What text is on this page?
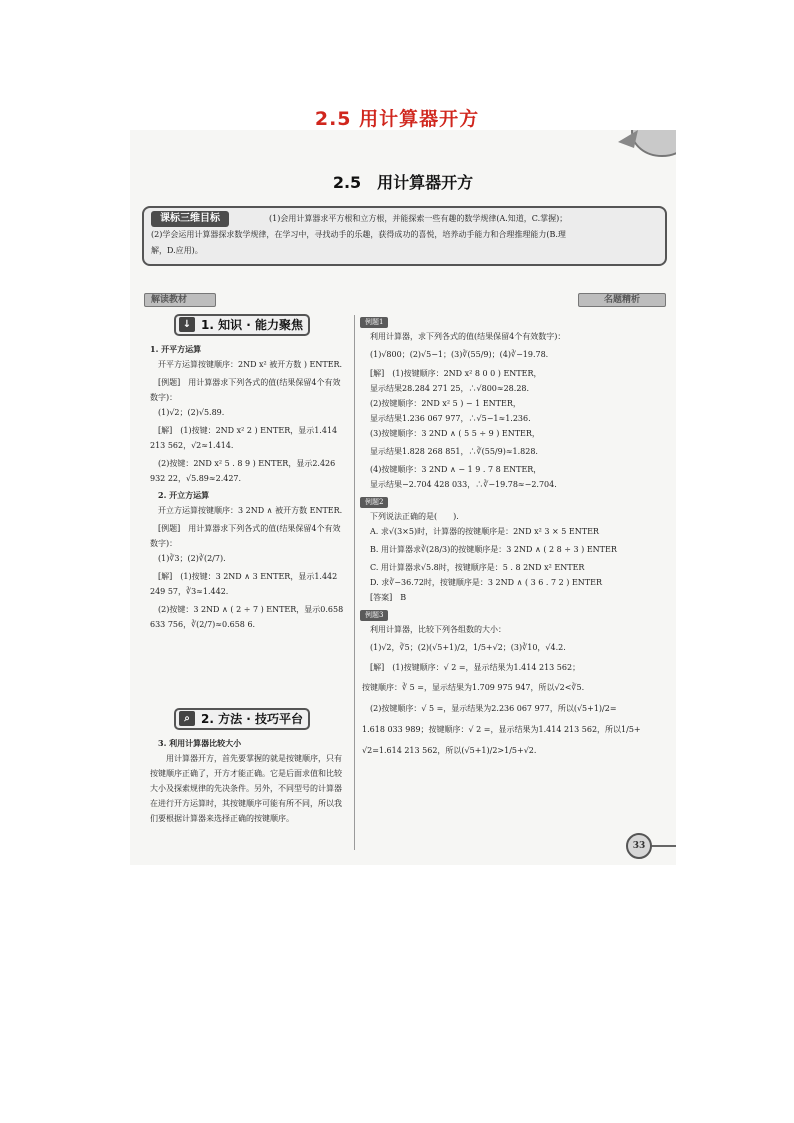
2.5 用计算器开方
2.5　用计算器开方
课标三维目标	(1)会用计算器求平方根和立方根，并能探索一些有趣的数学规律(A.知道，C.掌握)；
(2)学会运用计算器探求数学规律，在学习中，寻找动手的乐趣，获得成功的喜悦，培养动手能力和合理推理能力(B.理
解，D.应用)。
解读教材	名题精析
↓ 1. 知识 · 能力聚焦

1. 开平方运算

开平方运算按键顺序：2ND x² 被开方数 ) ENTER.

[例题]　用计算器求下列各式的值(结果保留4个有效数字)：

(1)√2；(2)√5.89.

[解]　(1)按键：2ND x² 2 ) ENTER，显示1.414 213 562，√2≈1.414.

(2)按键：2ND x² 5 . 8 9 ) ENTER，显示2.426 932 22，√5.89≈2.427.

2. 开立方运算

开立方运算按键顺序：3 2ND ∧ 被开方数 ENTER.

[例题]　用计算器求下列各式的值(结果保留4个有效数字)：

(1)∛3；(2)∛(2/7).

[解]　(1)按键：3 2ND ∧ 3 ENTER，显示1.442 249 57，∛3≈1.442.

(2)按键：3 2ND ∧ ( 2 ÷ 7 ) ENTER，显示0.658 633 756，∛(2/7)≈0.658 6.

⌕ 2. 方法 · 技巧平台

3. 利用计算器比较大小

用计算器开方，首先要掌握的就是按键顺序，只有按键顺序正确了，开方才能正确。它是后面求值和比较大小及探索规律的先决条件。另外，不同型号的计算器在进行开方运算时，其按键顺序可能有所不同，所以我们要根据计算器来选择正确的按键顺序。

例题1

利用计算器，求下列各式的值(结果保留4个有效数字)：

(1)√800；(2)√5−1；(3)∛(55/9)；(4)∛−19.78.

[解]　(1)按键顺序：2ND x² 8 0 0 ) ENTER，

显示结果28.284 271 25，∴√800≈28.28.

(2)按键顺序：2ND x² 5 ) − 1 ENTER，

显示结果1.236 067 977，∴√5−1≈1.236.

(3)按键顺序：3 2ND ∧ ( 5 5 ÷ 9 ) ENTER，

显示结果1.828 268 851，∴∛(55/9)≈1.828.

(4)按键顺序：3 2ND ∧ − 1 9 . 7 8 ENTER，

显示结果−2.704 428 033，∴∛−19.78≈−2.704.

例题2

下列说法正确的是(　　).

A. 求√(3×5)时，计算器的按键顺序是：2ND x² 3 × 5 ENTER

B. 用计算器求∛(28/3)的按键顺序是：3 2ND ∧ ( 2 8 ÷ 3 ) ENTER

C. 用计算器求√5.8时，按键顺序是：5 . 8 2ND x² ENTER

D. 求∛−36.72时，按键顺序是：3 2ND ∧ ( 3 6 . 7 2 ) ENTER

[答案]　B

例题3

利用计算器，比较下列各组数的大小：

(1)√2，∛5；(2)(√5+1)/2，1/5+√2；(3)∛10，√4.2.

[解]　(1)按键顺序：√ 2 =，显示结果为1.414 213 562；

按键顺序：∛ 5 =，显示结果为1.709 975 947，所以√2<∛5.

(2)按键顺序：√ 5 =，显示结果为2.236 067 977，所以(√5+1)/2=

1.618 033 989；按键顺序：√ 2 =，显示结果为1.414 213 562，所以1/5+

√2=1.614 213 562，所以(√5+1)/2>1/5+√2.

33
